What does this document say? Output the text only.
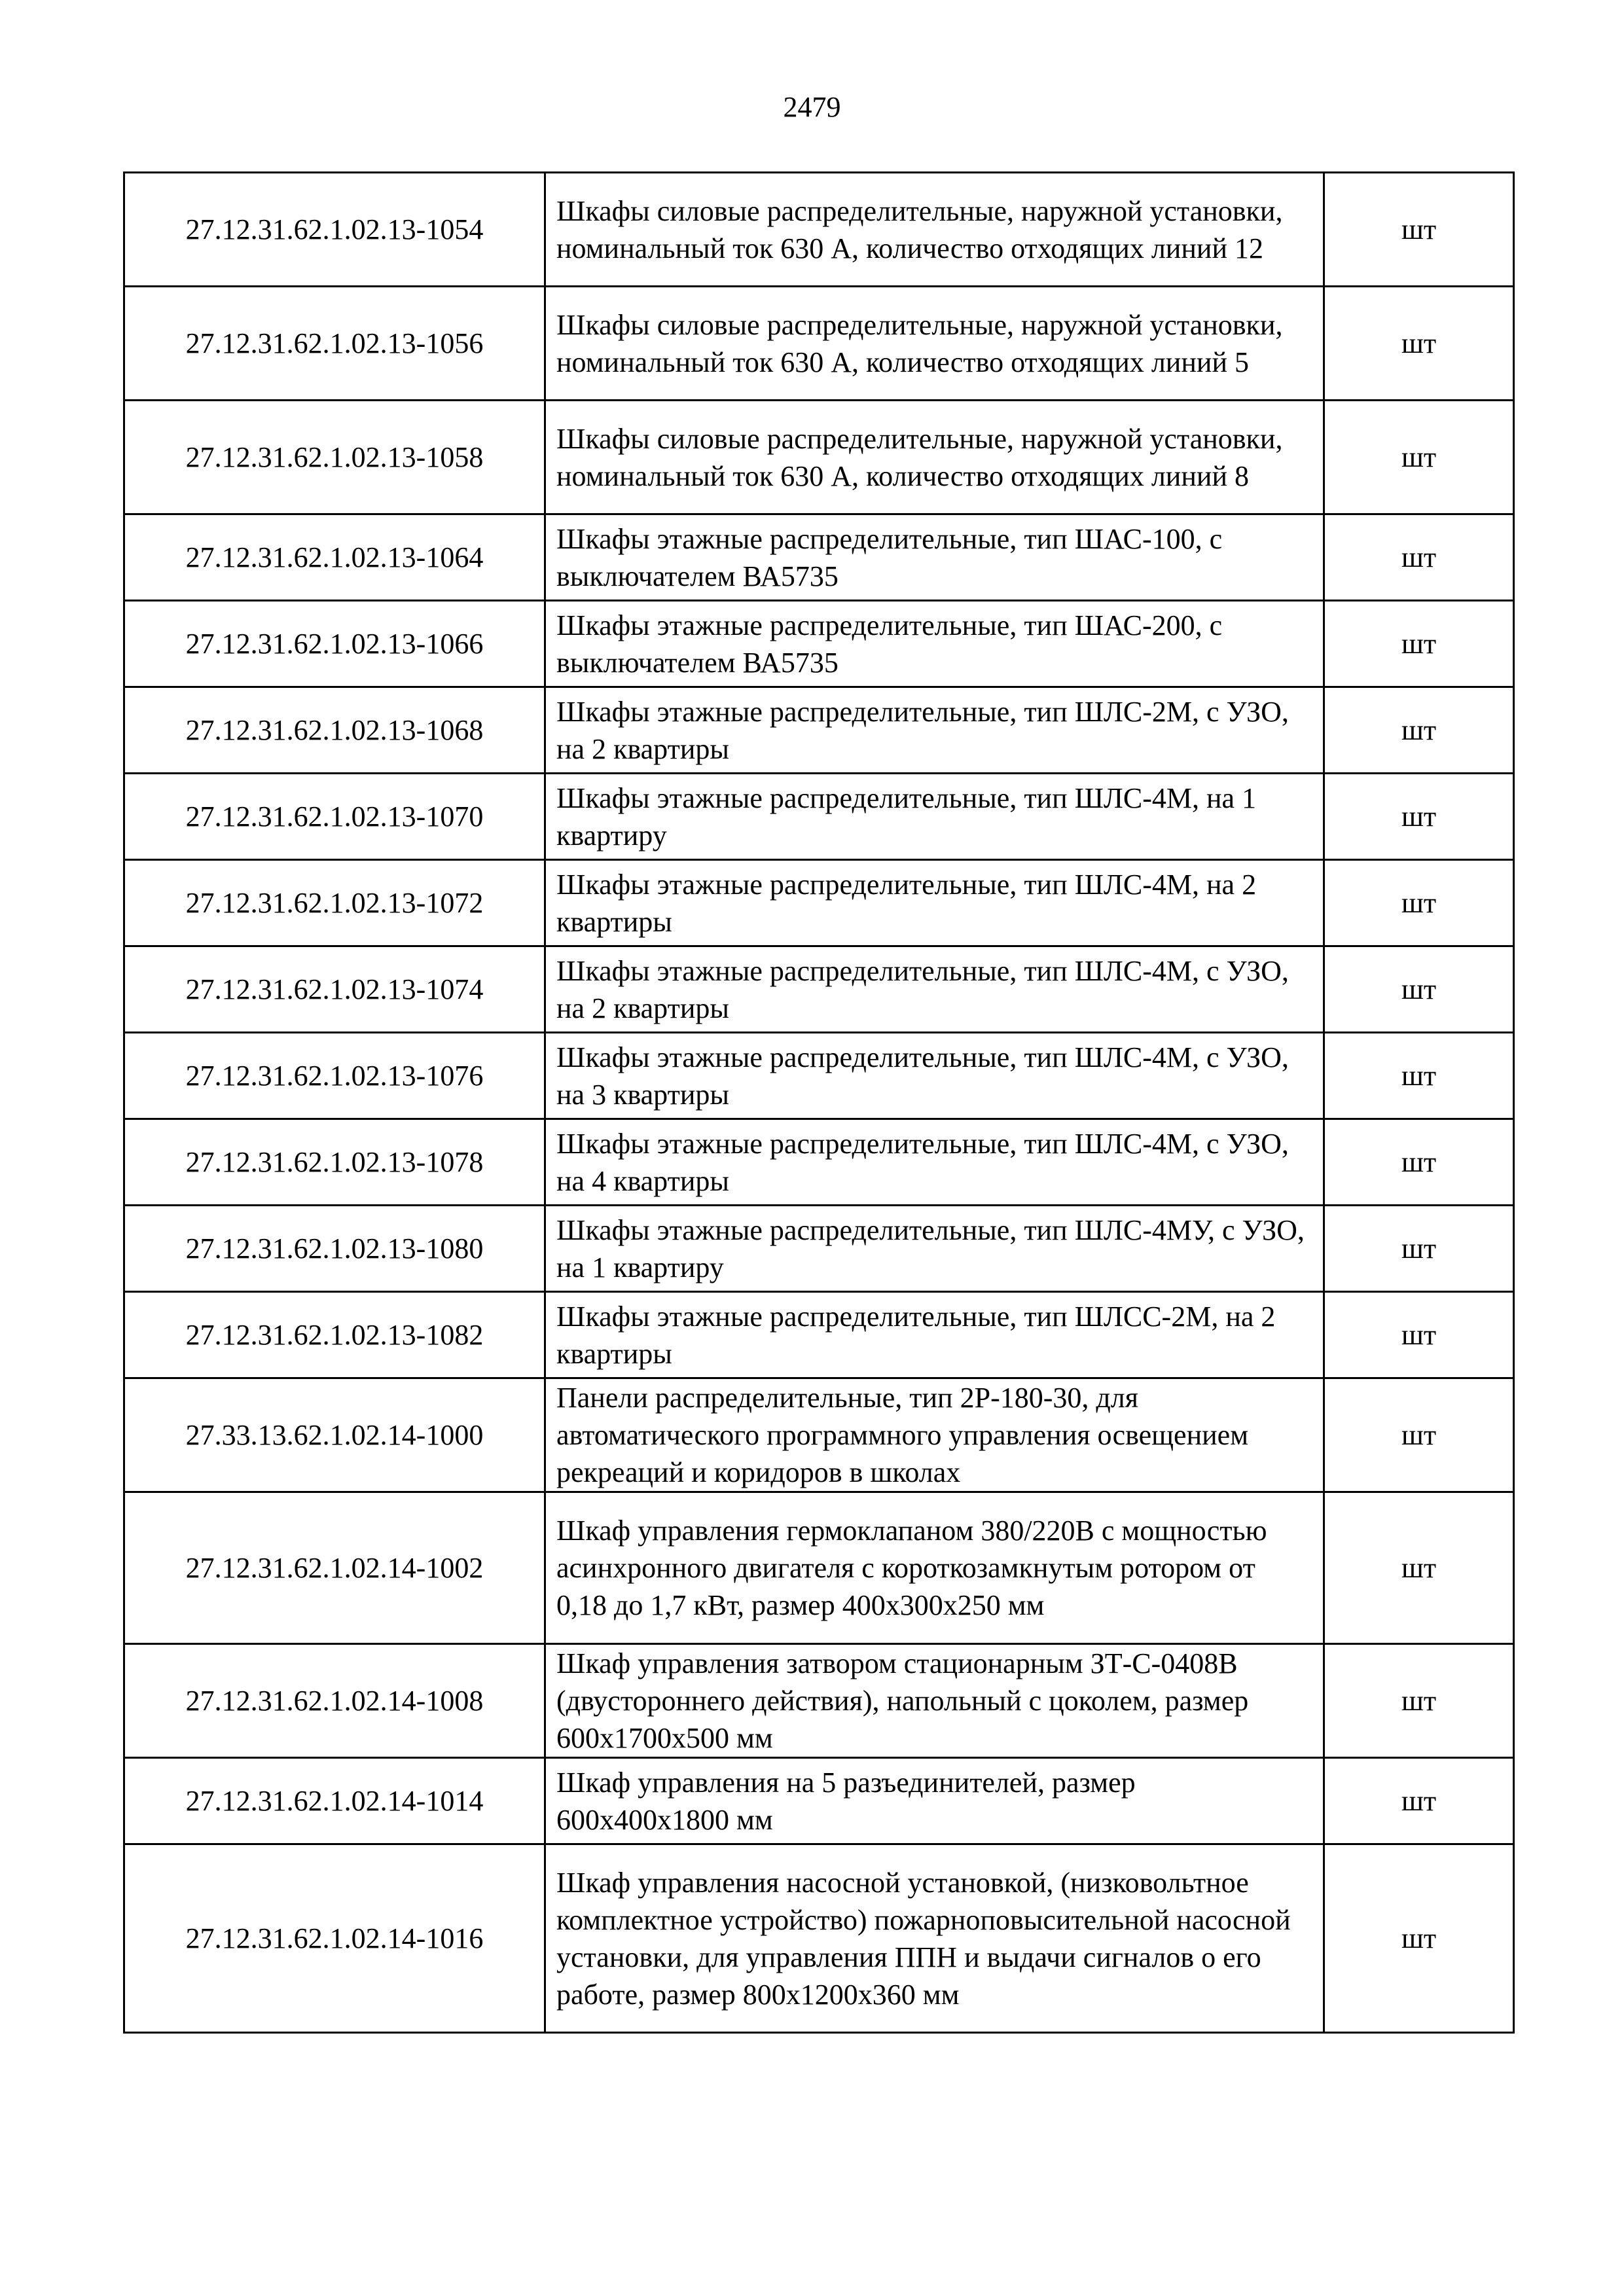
2479
27.12.31.62.1.02.13-1054	Шкафы силовые распределительные, наружной установки, номинальный ток 630 А, количество отходящих линий 12	шт
27.12.31.62.1.02.13-1056	Шкафы силовые распределительные, наружной установки, номинальный ток 630 А, количество отходящих линий 5	шт
27.12.31.62.1.02.13-1058	Шкафы силовые распределительные, наружной установки, номинальный ток 630 А, количество отходящих линий 8	шт
27.12.31.62.1.02.13-1064	Шкафы этажные распределительные, тип ШАС-100, с выключателем ВА5735	шт
27.12.31.62.1.02.13-1066	Шкафы этажные распределительные, тип ШАС-200, с выключателем ВА5735	шт
27.12.31.62.1.02.13-1068	Шкафы этажные распределительные, тип ШЛС-2М, с УЗО, на 2 квартиры	шт
27.12.31.62.1.02.13-1070	Шкафы этажные распределительные, тип ШЛС-4М, на 1 квартиру	шт
27.12.31.62.1.02.13-1072	Шкафы этажные распределительные, тип ШЛС-4М, на 2 квартиры	шт
27.12.31.62.1.02.13-1074	Шкафы этажные распределительные, тип ШЛС-4М, с УЗО, на 2 квартиры	шт
27.12.31.62.1.02.13-1076	Шкафы этажные распределительные, тип ШЛС-4М, с УЗО, на 3 квартиры	шт
27.12.31.62.1.02.13-1078	Шкафы этажные распределительные, тип ШЛС-4М, с УЗО, на 4 квартиры	шт
27.12.31.62.1.02.13-1080	Шкафы этажные распределительные, тип ШЛС-4МУ, с УЗО, на 1 квартиру	шт
27.12.31.62.1.02.13-1082	Шкафы этажные распределительные, тип ШЛСС-2М, на 2 квартиры	шт
27.33.13.62.1.02.14-1000	Панели распределительные, тип 2Р-180-30, для автоматического программного управления освещением рекреаций и коридоров в школах	шт
27.12.31.62.1.02.14-1002	Шкаф управления гермоклапаном 380/220В с мощностью асинхронного двигателя с короткозамкнутым ротором от 0,18 до 1,7 кВт, размер 400х300х250 мм	шт
27.12.31.62.1.02.14-1008	Шкаф управления затвором стационарным ЗТ-С-0408В (двустороннего действия), напольный с цоколем, размер 600х1700х500 мм	шт
27.12.31.62.1.02.14-1014	Шкаф управления на 5 разъединителей, размер 600х400х1800 мм	шт
27.12.31.62.1.02.14-1016	Шкаф управления насосной установкой, (низковольтное комплектное устройство) пожарноповысительной насосной установки, для управления ППН и выдачи сигналов о его работе, размер 800х1200х360 мм	шт
